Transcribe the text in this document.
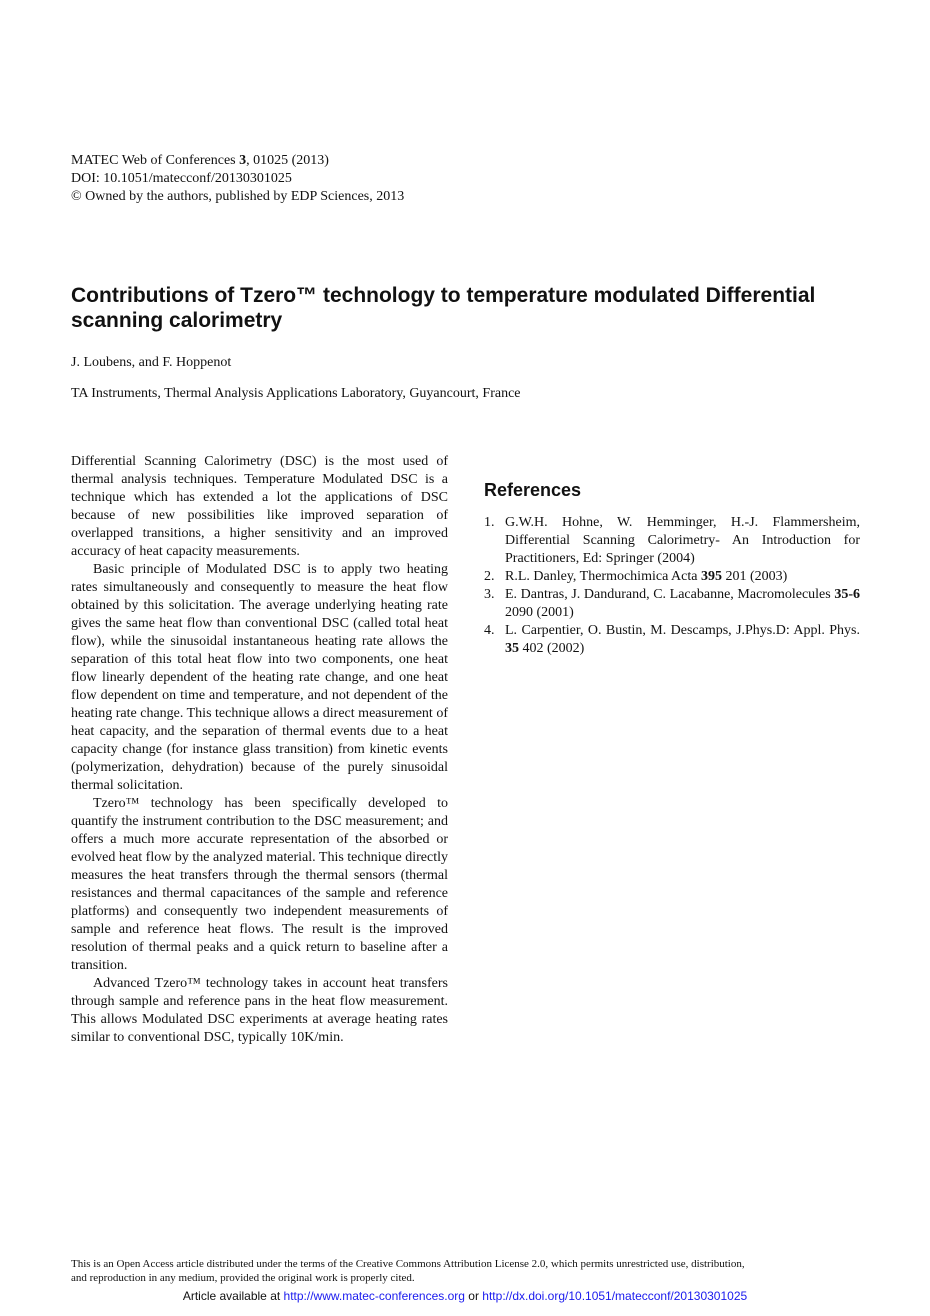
MATEC Web of Conferences 3, 01025 (2013)
DOI: 10.1051/matecconf/20130301025
© Owned by the authors, published by EDP Sciences, 2013
Contributions of Tzero™ technology to temperature modulated Differential scanning calorimetry
J. Loubens, and F. Hoppenot
TA Instruments, Thermal Analysis Applications Laboratory, Guyancourt, France

Differential Scanning Calorimetry (DSC) is the most used of thermal analysis techniques. Temperature Modulated DSC is a technique which has extended a lot the applications of DSC because of new possibilities like improved separation of overlapped transitions, a higher sensitivity and an improved accuracy of heat capacity measurements.

Basic principle of Modulated DSC is to apply two heating rates simultaneously and consequently to measure the heat flow obtained by this solicitation. The average underlying heating rate gives the same heat flow than conventional DSC (called total heat flow), while the sinusoidal instantaneous heating rate allows the separation of this total heat flow into two components, one heat flow linearly dependent of the heating rate change, and one heat flow dependent on time and temperature, and not dependent of the heating rate change. This technique allows a direct measurement of heat capacity, and the separation of thermal events due to a heat capacity change (for instance glass transition) from kinetic events (polymerization, dehydration) because of the purely sinusoidal thermal solicitation.

Tzero™ technology has been specifically developed to quantify the instrument contribution to the DSC measurement; and offers a much more accurate representation of the absorbed or evolved heat flow by the analyzed material. This technique directly measures the heat transfers through the thermal sensors (thermal resistances and thermal capacitances of the sample and reference platforms) and consequently two independent measurements of sample and reference heat flows. The result is the improved resolution of thermal peaks and a quick return to baseline after a transition.

Advanced Tzero™ technology takes in account heat transfers through sample and reference pans in the heat flow measurement. This allows Modulated DSC experiments at average heating rates similar to conventional DSC, typically 10K/min.

References
1. G.W.H. Hohne, W. Hemminger, H.-J. Flammersheim, Differential Scanning Calorimetry- An Introduction for Practitioners, Ed: Springer (2004)
2. R.L. Danley, Thermochimica Acta 395 201 (2003)
3. E. Dantras, J. Dandurand, C. Lacabanne, Macromolecules 35-6 2090 (2001)
4. L. Carpentier, O. Bustin, M. Descamps, J.Phys.D: Appl. Phys. 35 402 (2002)
This is an Open Access article distributed under the terms of the Creative Commons Attribution License 2.0, which permits unrestricted use, distribution,
and reproduction in any medium, provided the original work is properly cited.
Article available at http://www.matec-conferences.org or http://dx.doi.org/10.1051/matecconf/20130301025
